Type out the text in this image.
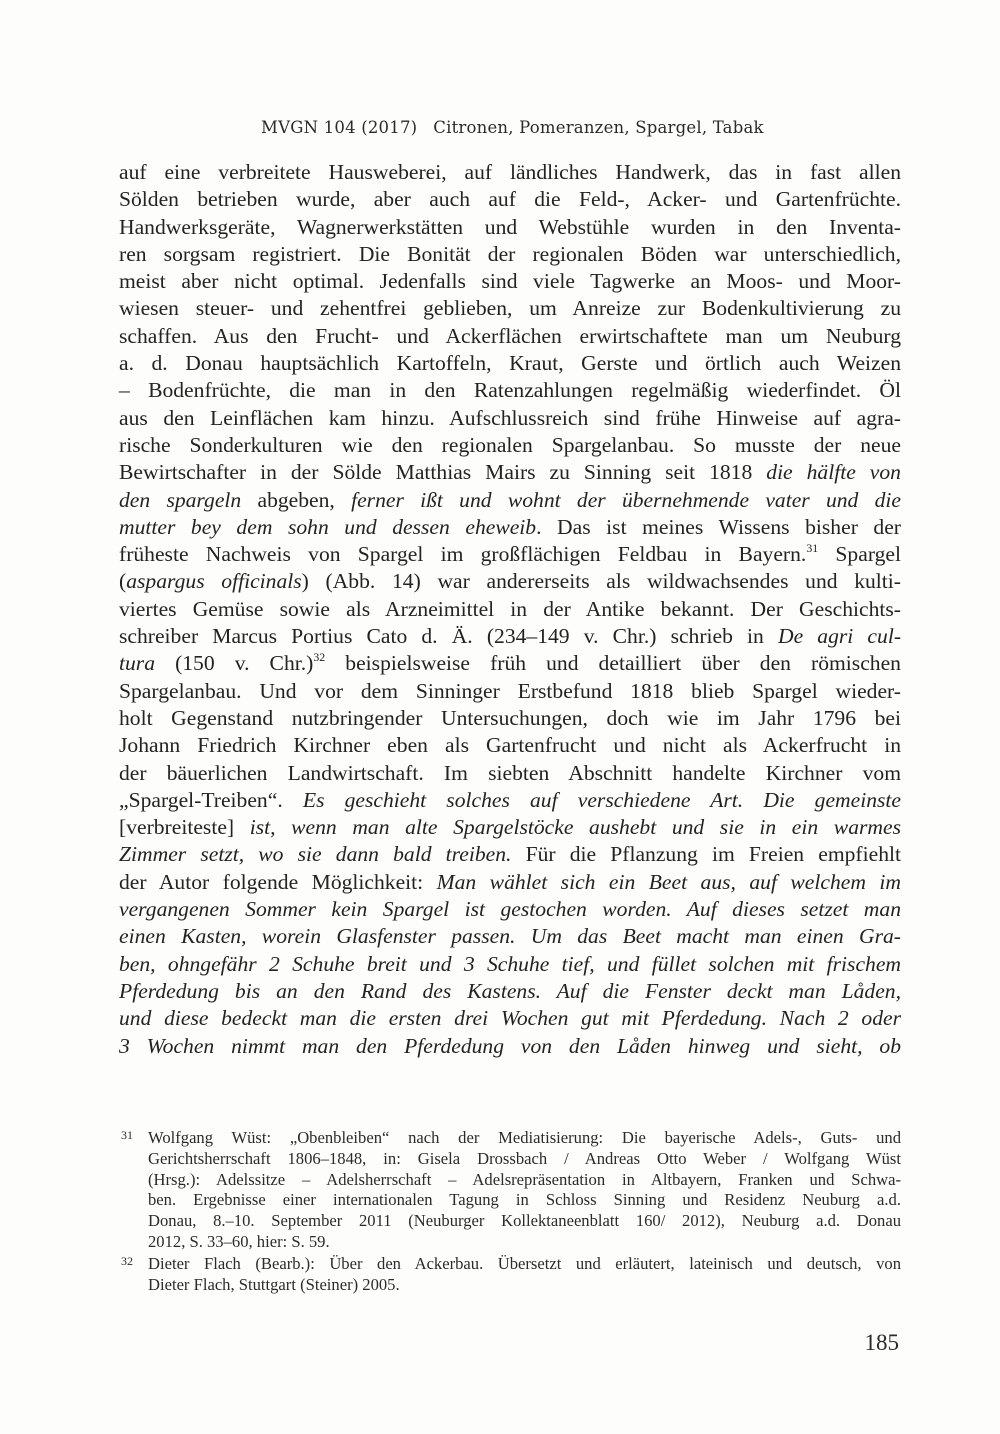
MVGN 104 (2017) Citronen, Pomeranzen, Spargel, Tabak
auf eine verbreitete Hausweberei, auf ländliches Handwerk, das in fast allen
Sölden betrieben wurde, aber auch auf die Feld-, Acker- und Gartenfrüchte.
Handwerksgeräte, Wagnerwerkstätten und Webstühle wurden in den Inventa-
ren sorgsam registriert. Die Bonität der regionalen Böden war unterschiedlich,
meist aber nicht optimal. Jedenfalls sind viele Tagwerke an Moos- und Moor-
wiesen steuer- und zehentfrei geblieben, um Anreize zur Bodenkultivierung zu
schaffen. Aus den Frucht- und Ackerflächen erwirtschaftete man um Neuburg
a. d. Donau hauptsächlich Kartoffeln, Kraut, Gerste und örtlich auch Weizen
– Bodenfrüchte, die man in den Ratenzahlungen regelmäßig wiederfindet. Öl
aus den Leinflächen kam hinzu. Aufschlussreich sind frühe Hinweise auf agra-
rische Sonderkulturen wie den regionalen Spargelanbau. So musste der neue
Bewirtschafter in der Sölde Matthias Mairs zu Sinning seit 1818 die hälfte von
den spargeln abgeben, ferner ißt und wohnt der übernehmende vater und die
mutter bey dem sohn und dessen eheweib. Das ist meines Wissens bisher der
früheste Nachweis von Spargel im großflächigen Feldbau in Bayern.$^{31}$ Spargel
(aspargus officinals) (Abb. 14) war andererseits als wildwachsendes und kulti-
viertes Gemüse sowie als Arzneimittel in der Antike bekannt. Der Geschichts-
schreiber Marcus Portius Cato d. Ä. (234–149 v. Chr.) schrieb in De agri cul-
tura (150 v. Chr.)$^{32}$ beispielsweise früh und detailliert über den römischen
Spargelanbau. Und vor dem Sinninger Erstbefund 1818 blieb Spargel wieder-
holt Gegenstand nutzbringender Untersuchungen, doch wie im Jahr 1796 bei
Johann Friedrich Kirchner eben als Gartenfrucht und nicht als Ackerfrucht in
der bäuerlichen Landwirtschaft. Im siebten Abschnitt handelte Kirchner vom
„Spargel-Treiben“. Es geschieht solches auf verschiedene Art. Die gemeinste
[verbreiteste] ist, wenn man alte Spargelstöcke aushebt und sie in ein warmes
Zimmer setzt, wo sie dann bald treiben. Für die Pflanzung im Freien empfiehlt
der Autor folgende Möglichkeit: Man wählet sich ein Beet aus, auf welchem im
vergangenen Sommer kein Spargel ist gestochen worden. Auf dieses setzet man
einen Kasten, worein Glasfenster passen. Um das Beet macht man einen Gra-
ben, ohngefähr 2 Schuhe breit und 3 Schuhe tief, und füllet solchen mit frischem
Pferdedung bis an den Rand des Kastens. Auf die Fenster deckt man Låden,
und diese bedeckt man die ersten drei Wochen gut mit Pferdedung. Nach 2 oder
3 Wochen nimmt man den Pferdedung von den Låden hinweg und sieht, ob
31 Wolfgang Wüst: „Obenbleiben“ nach der Mediatisierung: Die bayerische Adels-, Guts- und
Gerichtsherrschaft 1806–1848, in: Gisela Drossbach / Andreas Otto Weber / Wolfgang Wüst
(Hrsg.): Adelssitze – Adelsherrschaft – Adelsrepräsentation in Altbayern, Franken und Schwa-
ben. Ergebnisse einer internationalen Tagung in Schloss Sinning und Residenz Neuburg a.d.
Donau, 8.–10. September 2011 (Neuburger Kollektaneenblatt 160/ 2012), Neuburg a.d. Donau
2012, S. 33–60, hier: S. 59.
32 Dieter Flach (Bearb.): Über den Ackerbau. Übersetzt und erläutert, lateinisch und deutsch, von
Dieter Flach, Stuttgart (Steiner) 2005.
185
